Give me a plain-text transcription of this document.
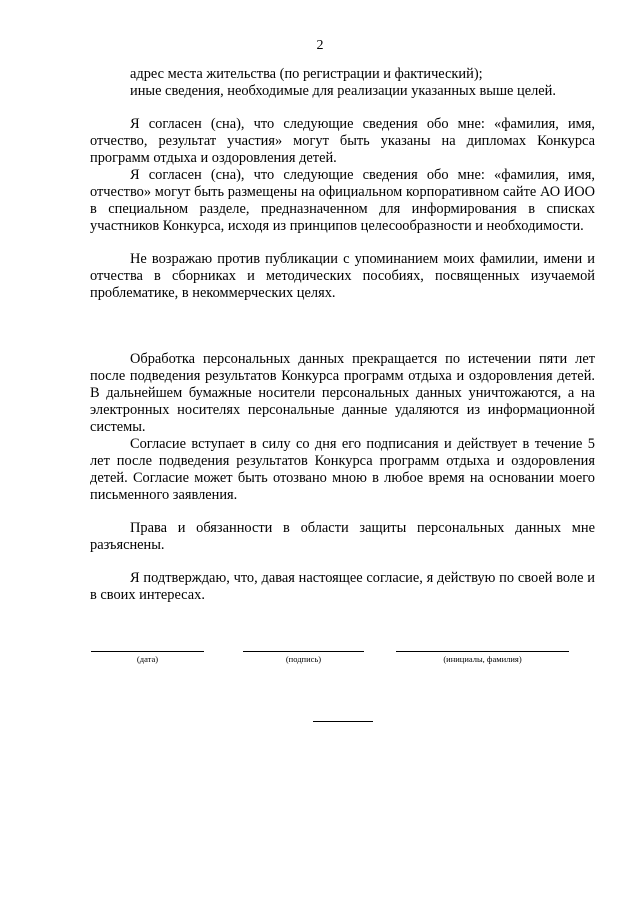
2

адрес места жительства (по регистрации и фактический);

иные сведения, необходимые для реализации указанных выше целей.

Я согласен (сна), что следующие сведения обо мне: «фамилия, имя, отчество, результат участия» могут быть указаны на дипломах Конкурса программ отдыха и оздоровления детей.

Я согласен (сна), что следующие сведения обо мне: «фамилия, имя, отчество» могут быть размещены на официальном корпоративном сайте АО ИОО в специальном разделе, предназначенном для информирования в списках участников Конкурса, исходя из принципов целесообразности и необходимости.

Не возражаю против публикации с упоминанием моих фамилии, имени и отчества в сборниках и методических пособиях, посвященных изучаемой проблематике, в некоммерческих целях.

Обработка персональных данных прекращается по истечении пяти лет после подведения результатов Конкурса программ отдыха и оздоровления детей. В дальнейшем бумажные носители персональных данных уничтожаются, а на электронных носителях персональные данные удаляются из информационной системы.

Согласие вступает в силу со дня его подписания и действует в течение 5 лет после подведения результатов Конкурса программ отдыха и оздоровления детей. Согласие может быть отозвано мною в любое время на основании моего письменного заявления.

Права и обязанности в области защиты персональных данных мне разъяснены.

Я подтверждаю, что, давая настоящее согласие, я действую по своей воле и в своих интересах.

(дата)	(подпись)	(инициалы, фамилия)
